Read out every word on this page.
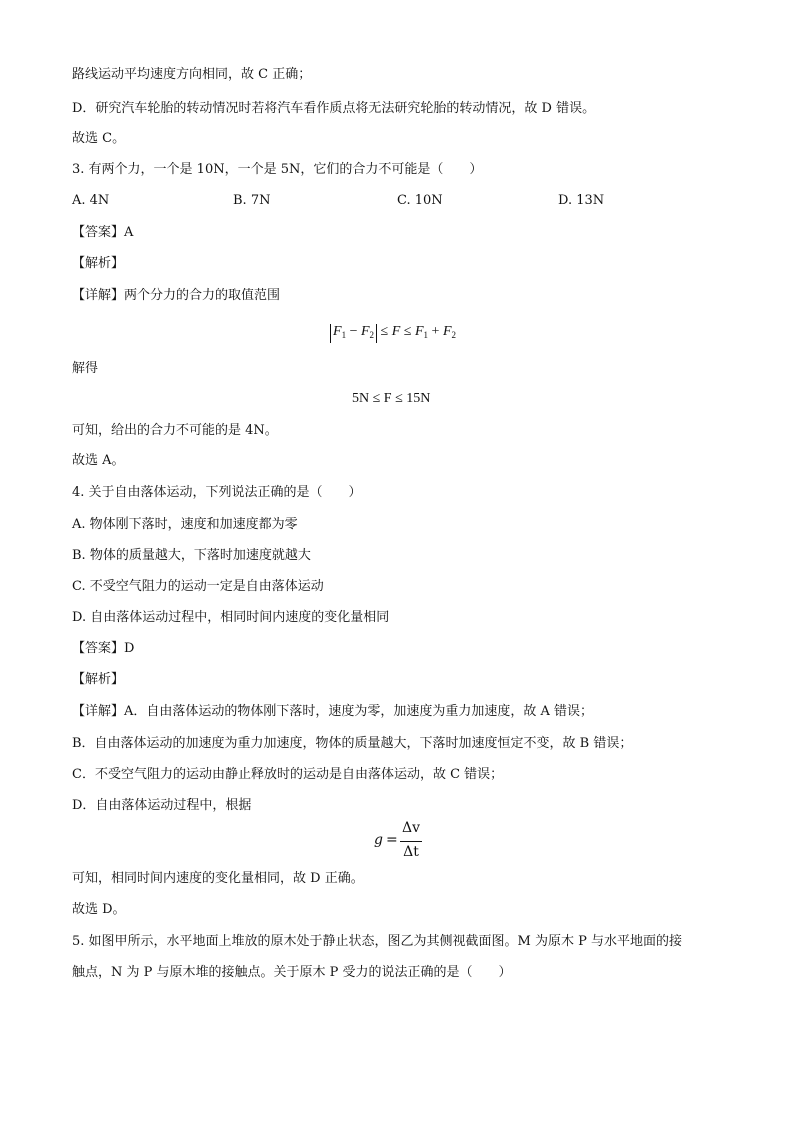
路线运动平均速度方向相同，故 C 正确；
D．研究汽车轮胎的转动情况时若将汽车看作质点将无法研究轮胎的转动情况，故 D 错误。
故选 C。
3. 有两个力，一个是 10N，一个是 5N，它们的合力不可能是（　　）
A. 4N	B. 7N	C. 10N	D. 13N
【答案】A
【解析】
【详解】两个分力的合力的取值范围
$F_1 - F_2 \le F \le F_1 + F_2$
解得
5N ≤ F ≤ 15N
可知，给出的合力不可能的是 4N。
故选 A。
4. 关于自由落体运动，下列说法正确的是（　　）
A. 物体刚下落时，速度和加速度都为零
B. 物体的质量越大，下落时加速度就越大
C. 不受空气阻力的运动一定是自由落体运动
D. 自由落体运动过程中，相同时间内速度的变化量相同
【答案】D
【解析】
【详解】A．自由落体运动的物体刚下落时，速度为零，加速度为重力加速度，故 A 错误；
B．自由落体运动的加速度为重力加速度，物体的质量越大，下落时加速度恒定不变，故 B 错误；
C．不受空气阻力的运动由静止释放时的运动是自由落体运动，故 C 错误；
D．自由落体运动过程中，根据
g =
Δv
Δt
可知，相同时间内速度的变化量相同，故 D 正确。
故选 D。
5. 如图甲所示，水平地面上堆放的原木处于静止状态，图乙为其侧视截面图。M 为原木 P 与水平地面的接
触点，N 为 P 与原木堆的接触点。关于原木 P 受力的说法正确的是（　　）
